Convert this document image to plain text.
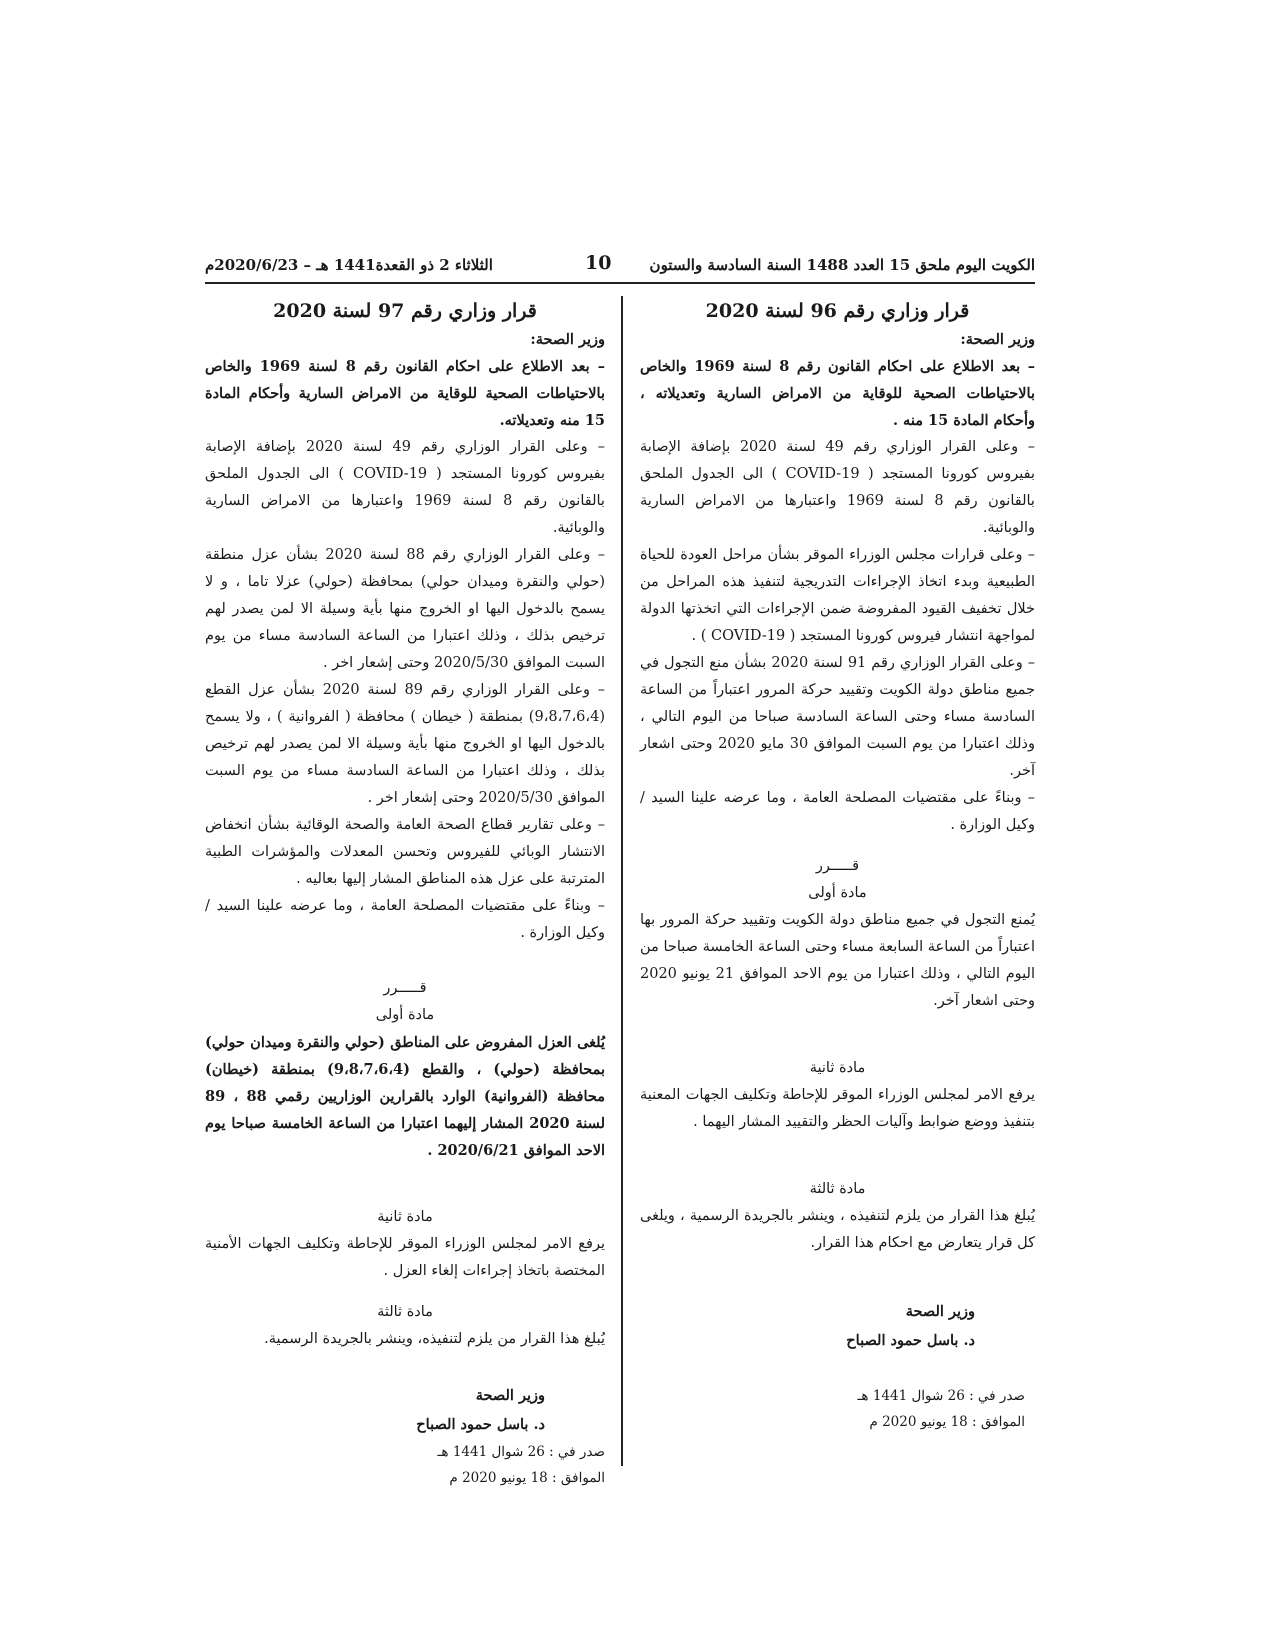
الكويت اليوم ملحق 15 العدد 1488 السنة السادسة والستون
10
الثلاثاء 2 ذو القعدة1441 هـ – 2020/6/23م
قرار وزاري رقم 96 لسنة 2020

وزير الصحة:

– بعد الاطلاع على احكام القانون رقم 8 لسنة 1969 والخاص بالاحتياطات الصحية للوقاية من الامراض السارية وتعديلاته ، وأحكام المادة 15 منه .

– وعلى القرار الوزاري رقم 49 لسنة 2020 بإضافة الإصابة بفيروس كورونا المستجد ( COVID-19 ) الى الجدول الملحق بالقانون رقم 8 لسنة 1969 واعتبارها من الامراض السارية والوبائية.

– وعلى قرارات مجلس الوزراء الموقر بشأن مراحل العودة للحياة الطبيعية وبدء اتخاذ الإجراءات التدريجية لتنفيذ هذه المراحل من خلال تخفيف القيود المفروضة ضمن الإجراءات التي اتخذتها الدولة لمواجهة انتشار فيروس كورونا المستجد ( COVID-19 ) .

– وعلى القرار الوزاري رقم 91 لسنة 2020 بشأن منع التجول في جميع مناطق دولة الكويت وتقييد حركة المرور اعتباراً من الساعة السادسة مساء وحتى الساعة السادسة صباحا من اليوم التالي ، وذلك اعتبارا من يوم السبت الموافق 30 مايو 2020 وحتى اشعار آخر.

– وبناءً على مقتضيات المصلحة العامة ، وما عرضه علينا السيد / وكيل الوزارة .

قـــــرر

مادة أولى

يُمنع التجول في جميع مناطق دولة الكويت وتقييد حركة المرور بها اعتباراً من الساعة السابعة مساء وحتى الساعة الخامسة صباحا من اليوم التالي ، وذلك اعتبارا من يوم الاحد الموافق 21 يونيو 2020 وحتى اشعار آخر.

مادة ثانية

يرفع الامر لمجلس الوزراء الموقر للإحاطة وتكليف الجهات المعنية بتنفيذ ووضع ضوابط وآليات الحظر والتقييد المشار اليهما .

مادة ثالثة

يُبلغ هذا القرار من يلزم لتنفيذه ، وينشر بالجريدة الرسمية ، ويلغى كل قرار يتعارض مع احكام هذا القرار.

وزير الصحة
د. باسل حمود الصباح
صدر في : 26 شوال 1441 هـ
الموافق : 18 يونيو 2020 م
قرار وزاري رقم 97 لسنة 2020

وزير الصحة:

– بعد الاطلاع على احكام القانون رقم 8 لسنة 1969 والخاص بالاحتياطات الصحية للوقاية من الامراض السارية وأحكام المادة 15 منه وتعديلاته.

– وعلى القرار الوزاري رقم 49 لسنة 2020 بإضافة الإصابة بفيروس كورونا المستجد ( COVID-19 ) الى الجدول الملحق بالقانون رقم 8 لسنة 1969 واعتبارها من الامراض السارية والوبائية.

– وعلى القرار الوزاري رقم 88 لسنة 2020 بشأن عزل منطقة (حولي والنقرة وميدان حولي) بمحافظة (حولي) عزلا تاما ، و لا يسمح بالدخول اليها او الخروج منها بأية وسيلة الا لمن يصدر لهم ترخيص بذلك ، وذلك اعتبارا من الساعة السادسة مساء من يوم السبت الموافق 2020/5/30 وحتى إشعار اخر .

– وعلى القرار الوزاري رقم 89 لسنة 2020 بشأن عزل القطع (9،8،7،6،4) بمنطقة ( خيطان ) محافظة ( الفروانية ) ، ولا يسمح بالدخول اليها او الخروج منها بأية وسيلة الا لمن يصدر لهم ترخيص بذلك ، وذلك اعتبارا من الساعة السادسة مساء من يوم السبت الموافق 2020/5/30 وحتى إشعار اخر .

– وعلى تقارير قطاع الصحة العامة والصحة الوقائية بشأن انخفاض الانتشار الوبائي للفيروس وتحسن المعدلات والمؤشرات الطبية المترتبة على عزل هذه المناطق المشار إليها بعاليه .

– وبناءً على مقتضيات المصلحة العامة ، وما عرضه علينا السيد / وكيل الوزارة .

قـــــرر

مادة أولى

يُلغى العزل المفروض على المناطق (حولي والنقرة وميدان حولي) بمحافظة (حولي) ، والقطع (9،8،7،6،4) بمنطقة (خيطان) محافظة (الفروانية) الوارد بالقرارين الوزاريين رقمي 88 ، 89 لسنة 2020 المشار إليهما اعتبارا من الساعة الخامسة صباحا يوم الاحد الموافق 2020/6/21 .

مادة ثانية

يرفع الامر لمجلس الوزراء الموقر للإحاطة وتكليف الجهات الأمنية المختصة باتخاذ إجراءات إلغاء العزل .

مادة ثالثة

يُبلغ هذا القرار من يلزم لتنفيذه، وينشر بالجريدة الرسمية.

وزير الصحة
د. باسل حمود الصباح
صدر في : 26 شوال 1441 هـ
الموافق : 18 يونيو 2020 م
